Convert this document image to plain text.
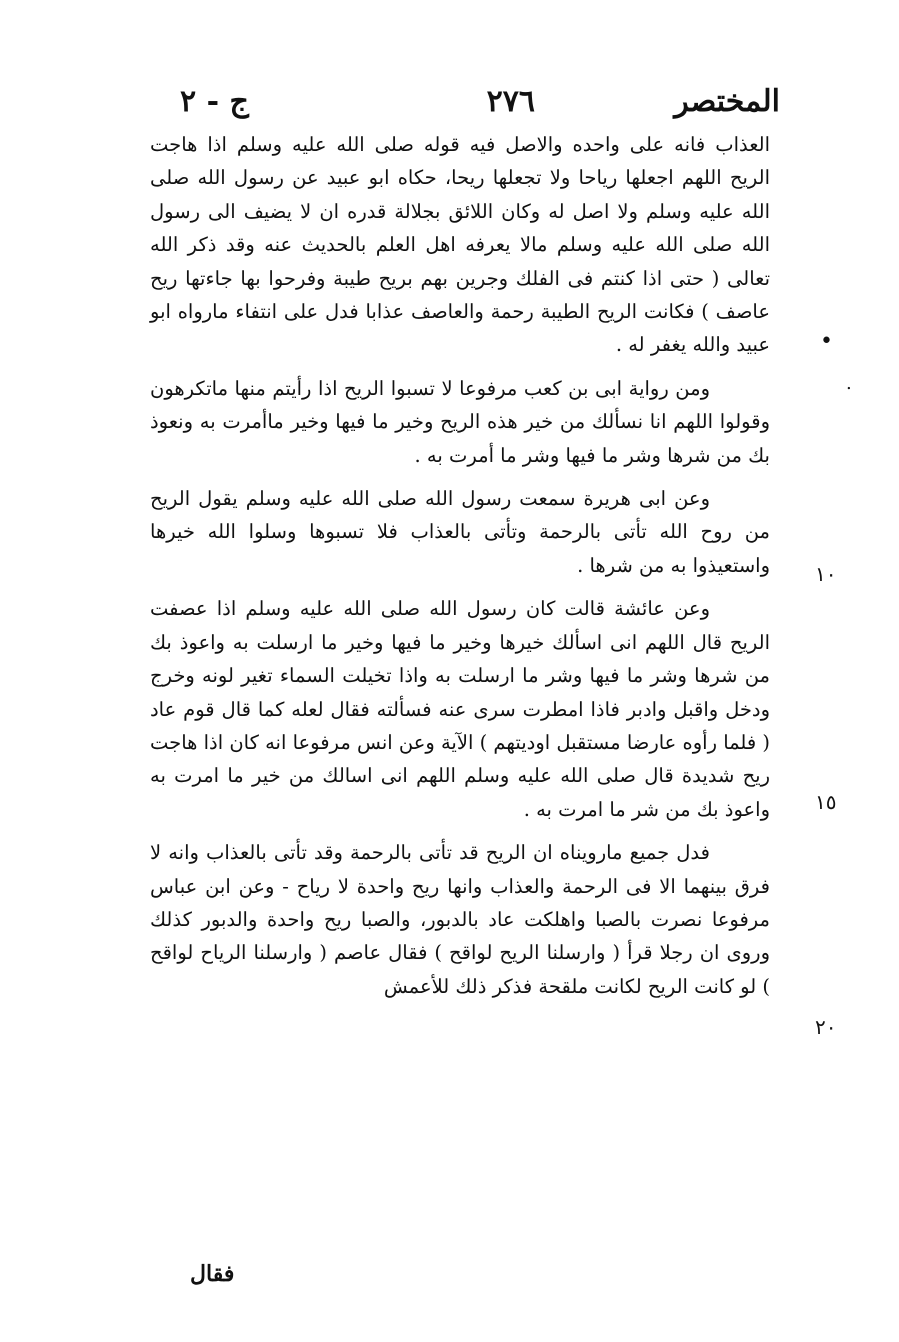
المختصر
٢٧٦
ج - ٢
•
.
١٠
١٥
٢٠

العذاب فانه على واحده والاصل فيه قوله صلى الله عليه وسلم اذا هاجت الريح اللهم اجعلها رياحا ولا تجعلها ريحا، حكاه ابو عبيد عن رسول الله صلى الله عليه وسلم ولا اصل له وكان اللائق بجلالة قدره ان لا يضيف الى رسول الله صلى الله عليه وسلم مالا يعرفه اهل العلم بالحديث عنه وقد ذكر الله تعالى ( حتى اذا كنتم فى الفلك وجرين بهم بريح طيبة وفرحوا بها جاءتها ريح عاصف ) فكانت الريح الطيبة رحمة والعاصف عذابا فدل على انتفاء مارواه ابو عبيد والله يغفر له .

ومن رواية ابى بن كعب مرفوعا لا تسبوا الريح اذا رأيتم منها ماتكرهون وقولوا اللهم انا نسألك من خير هذه الريح وخير ما فيها وخير ماأمرت به ونعوذ بك من شرها وشر ما فيها وشر ما أمرت به .

وعن ابى هريرة سمعت رسول الله صلى الله عليه وسلم يقول الريح من روح الله تأتى بالرحمة وتأتى بالعذاب فلا تسبوها وسلوا الله خيرها واستعيذوا به من شرها .

وعن عائشة قالت كان رسول الله صلى الله عليه وسلم اذا عصفت الريح قال اللهم انى اسألك خيرها وخير ما فيها وخير ما ارسلت به واعوذ بك من شرها وشر ما فيها وشر ما ارسلت به واذا تخيلت السماء تغير لونه وخرج ودخل واقبل وادبر فاذا امطرت سرى عنه فسألته فقال لعله كما قال قوم عاد ( فلما رأوه عارضا مستقبل اوديتهم ) الآية وعن انس مرفوعا انه كان اذا هاجت ريح شديدة قال صلى الله عليه وسلم اللهم انى اسالك من خير ما امرت به واعوذ بك من شر ما امرت به .

فدل جميع مارويناه ان الريح قد تأتى بالرحمة وقد تأتى بالعذاب وانه لا فرق بينهما الا فى الرحمة والعذاب وانها ريح واحدة لا رياح - وعن ابن عباس مرفوعا نصرت بالصبا واهلكت عاد بالدبور، والصبا ريح واحدة والدبور كذلك وروى ان رجلا قرأ ( وارسلنا الريح لواقح ) فقال عاصم ( وارسلنا الرياح لواقح ) لو كانت الريح لكانت ملقحة فذكر ذلك للأعمش

فقال
